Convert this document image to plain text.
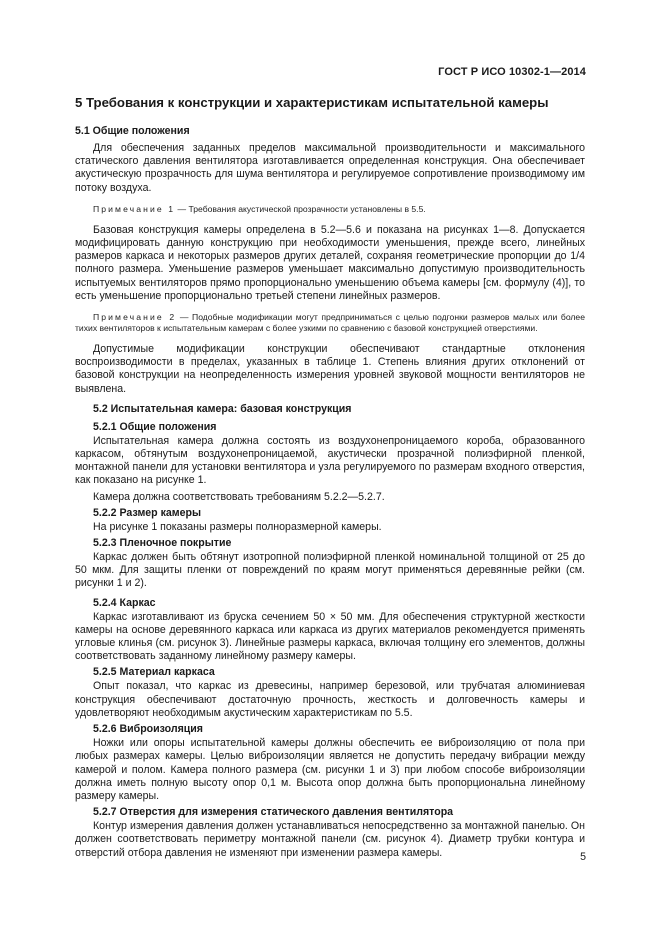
ГОСТ Р ИСО 10302-1—2014
5 Требования к конструкции и характеристикам испытательной камеры
5.1 Общие положения

Для обеспечения заданных пределов максимальной производительности и максимального статического давления вентилятора изготавливается определенная конструкция. Она обеспечивает акустическую прозрачность для шума вентилятора и регулируемое сопротивление производимому им потоку воздуха.

Примечание 1 — Требования акустической прозрачности установлены в 5.5.

Базовая конструкция камеры определена в 5.2—5.6 и показана на рисунках 1—8. Допускается модифицировать данную конструкцию при необходимости уменьшения, прежде всего, линейных размеров каркаса и некоторых размеров других деталей, сохраняя геометрические пропорции до 1/4 полного размера. Уменьшение размеров уменьшает максимально допустимую производительность испытуемых вентиляторов прямо пропорционально уменьшению объема камеры [см. формулу (4)], то есть уменьшение пропорционально третьей степени линейных размеров.

Примечание 2 — Подобные модификации могут предприниматься с целью подгонки размеров малых или более тихих вентиляторов к испытательным камерам с более узкими по сравнению с базовой конструкцией отверстиями.

Допустимые модификации конструкции обеспечивают стандартные отклонения воспроизводимости в пределах, указанных в таблице 1. Степень влияния других отклонений от базовой конструкции на неопределенность измерения уровней звуковой мощности вентиляторов не выявлена.

5.2 Испытательная камера: базовая конструкция
5.2.1 Общие положения

Испытательная камера должна состоять из воздухонепроницаемого короба, образованного каркасом, обтянутым воздухонепроницаемой, акустически прозрачной полиэфирной пленкой, монтажной панели для установки вентилятора и узла регулируемого по размерам входного отверстия, как показано на рисунке 1.

Камера должна соответствовать требованиям 5.2.2—5.2.7.

5.2.2 Размер камеры

На рисунке 1 показаны размеры полноразмерной камеры.

5.2.3 Пленочное покрытие

Каркас должен быть обтянут изотропной полиэфирной пленкой номинальной толщиной от 25 до 50 мкм. Для защиты пленки от повреждений по краям могут применяться деревянные рейки (см. рисунки 1 и 2).

5.2.4 Каркас

Каркас изготавливают из бруска сечением 50 × 50 мм. Для обеспечения структурной жесткости камеры на основе деревянного каркаса или каркаса из других материалов рекомендуется применять угловые клинья (см. рисунок 3). Линейные размеры каркаса, включая толщину его элементов, должны соответствовать заданному линейному размеру камеры.

5.2.5 Материал каркаса

Опыт показал, что каркас из древесины, например березовой, или трубчатая алюминиевая конструкция обеспечивают достаточную прочность, жесткость и долговечность камеры и удовлетворяют необходимым акустическим характеристикам по 5.5.

5.2.6 Виброизоляция

Ножки или опоры испытательной камеры должны обеспечить ее виброизоляцию от пола при любых размерах камеры. Целью виброизоляции является не допустить передачу вибрации между камерой и полом. Камера полного размера (см. рисунки 1 и 3) при любом способе виброизоляции должна иметь полную высоту опор 0,1 м. Высота опор должна быть пропорциональна линейному размеру камеры.

5.2.7 Отверстия для измерения статического давления вентилятора

Контур измерения давления должен устанавливаться непосредственно за монтажной панелью. Он должен соответствовать периметру монтажной панели (см. рисунок 4). Диаметр трубки контура и отверстий отбора давления не изменяют при изменении размера камеры.	5
